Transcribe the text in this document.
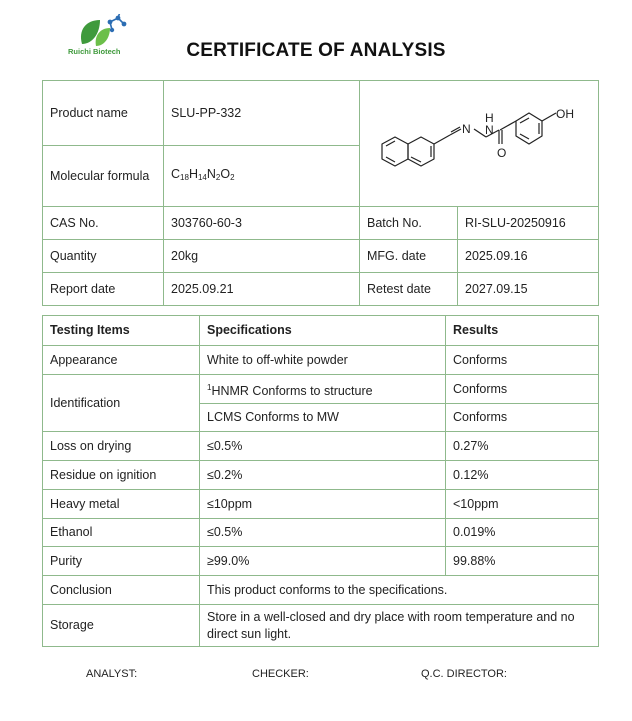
Ruichi Biotech	CERTIFICATE OF ANALYSIS
Product name	SLU-PP-332	N N
H
O
OH	

Molecular formula	$C_{18}H_{14}N_2O_2$
CAS No.	303760-60-3	Batch No.	RI-SLU-20250916
Quantity	20kg	MFG. date	2025.09.16
Report date	2025.09.21	Retest date	2027.09.15
Testing Items	Specifications	Results
Appearance	White to off-white powder	Conforms
Identification	$^1$HNMR Conforms to structure	Conforms
	LCMS Conforms to MW	Conforms
Loss on drying	≤0.5%	0.27%
Residue on ignition	≤0.2%	0.12%
Heavy metal	≤10ppm	<10ppm
Ethanol	≤0.5%	0.019%
Purity	≥99.0%	99.88%
Conclusion	This product conforms to the specifications.	
Storage	Store in a well-closed and dry place with room temperature and no direct sun light.	
ANALYST:	CHECKER:	Q.C. DIRECTOR:
